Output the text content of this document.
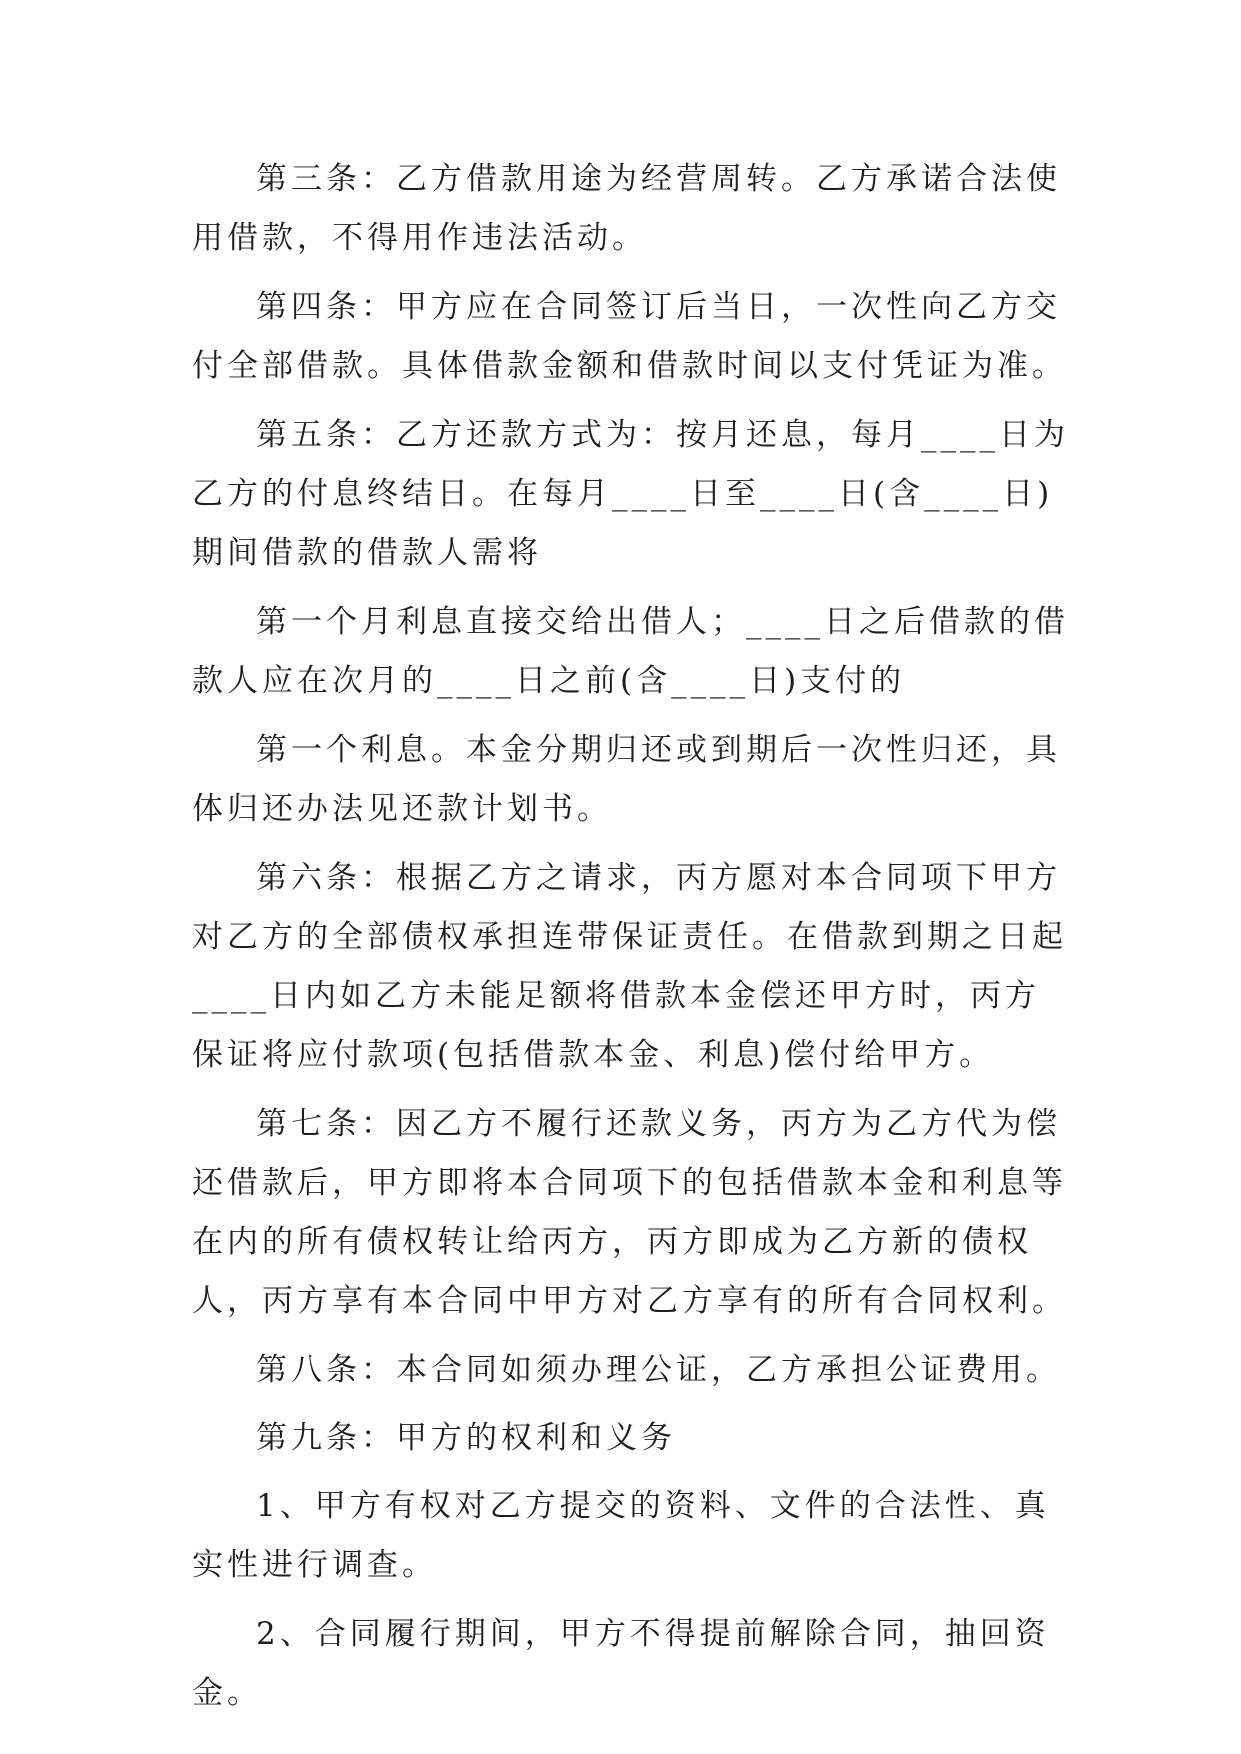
第三条：乙方借款用途为经营周转。乙方承诺合法使用借款，不得用作违法活动。

第四条：甲方应在合同签订后当日，一次性向乙方交付全部借款。具体借款金额和借款时间以支付凭证为准。

第五条：乙方还款方式为：按月还息，每月____日为乙方的付息终结日。在每月____日至____日(含____日)期间借款的借款人需将

第一个月利息直接交给出借人；____日之后借款的借款人应在次月的____日之前(含____日)支付的

第一个利息。本金分期归还或到期后一次性归还，具体归还办法见还款计划书。

第六条：根据乙方之请求，丙方愿对本合同项下甲方对乙方的全部债权承担连带保证责任。在借款到期之日起____日内如乙方未能足额将借款本金偿还甲方时，丙方保证将应付款项(包括借款本金、利息)偿付给甲方。

第七条：因乙方不履行还款义务，丙方为乙方代为偿还借款后，甲方即将本合同项下的包括借款本金和利息等在内的所有债权转让给丙方，丙方即成为乙方新的债权人，丙方享有本合同中甲方对乙方享有的所有合同权利。

第八条：本合同如须办理公证，乙方承担公证费用。

第九条：甲方的权利和义务

1、甲方有权对乙方提交的资料、文件的合法性、真实性进行调查。

2、合同履行期间，甲方不得提前解除合同，抽回资金。
